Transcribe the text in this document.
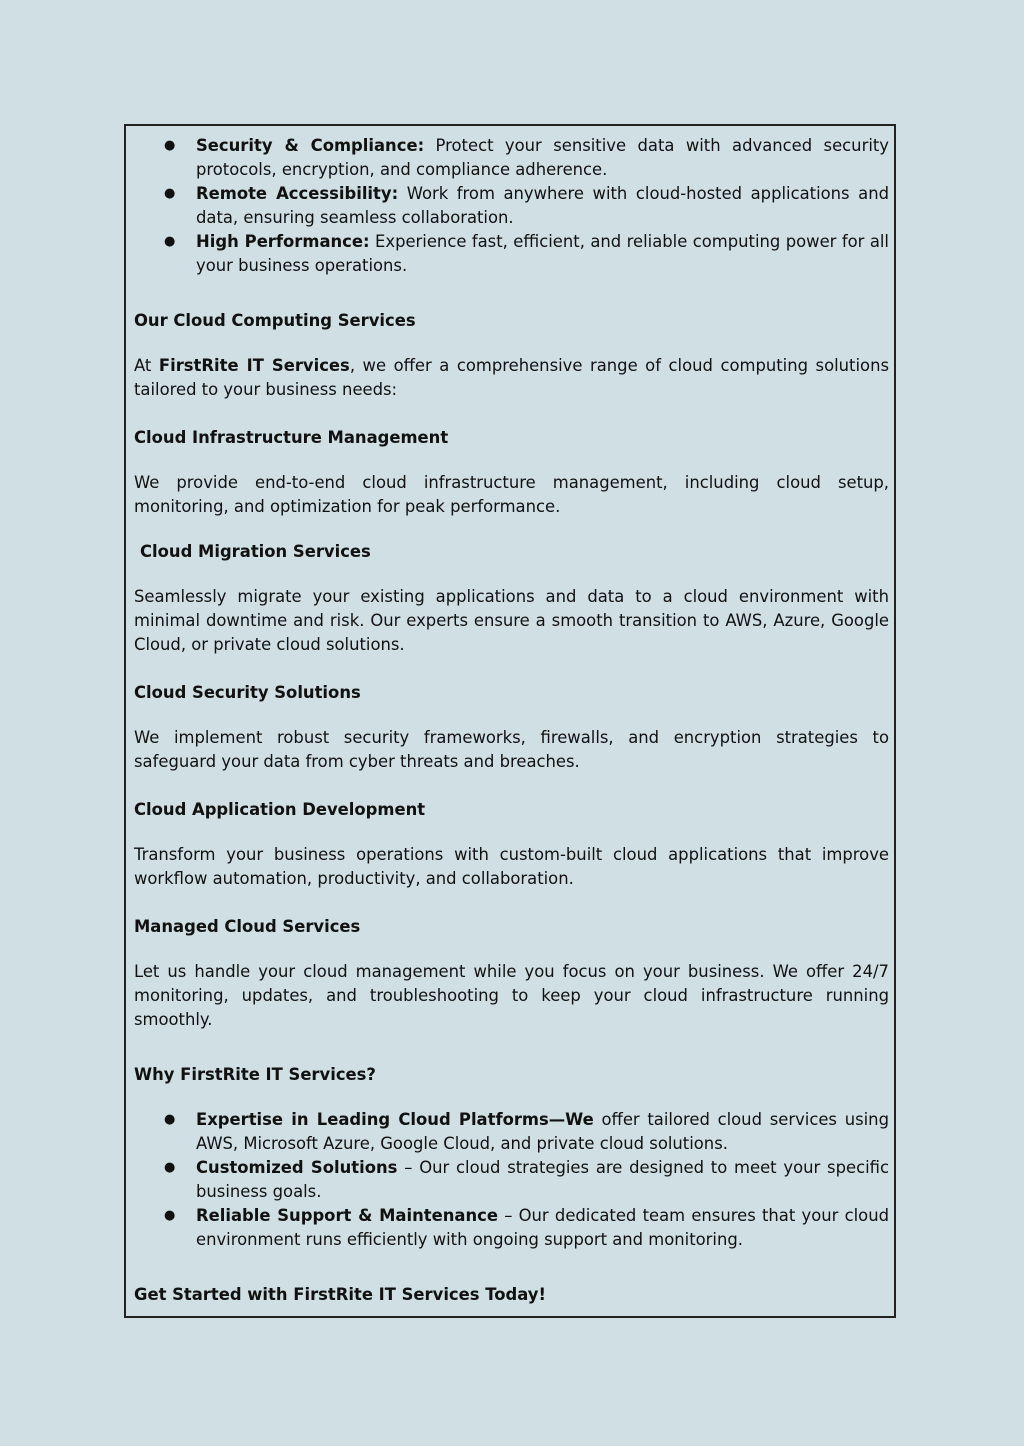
● Security & Compliance: Protect your sensitive data with advanced security protocols, encryption, and compliance adherence.
● Remote Accessibility: Work from anywhere with cloud-hosted applications and data, ensuring seamless collaboration.
● High Performance: Experience fast, efficient, and reliable computing power for all your business operations.

Our Cloud Computing Services

At FirstRite IT Services, we offer a comprehensive range of cloud computing solutions tailored to your business needs:

Cloud Infrastructure Management

We provide end-to-end cloud infrastructure management, including cloud setup, monitoring, and optimization for peak performance.

Cloud Migration Services

Seamlessly migrate your existing applications and data to a cloud environment with minimal downtime and risk. Our experts ensure a smooth transition to AWS, Azure, Google Cloud, or private cloud solutions.

Cloud Security Solutions

We implement robust security frameworks, firewalls, and encryption strategies to safeguard your data from cyber threats and breaches.

Cloud Application Development

Transform your business operations with custom-built cloud applications that improve workflow automation, productivity, and collaboration.

Managed Cloud Services

Let us handle your cloud management while you focus on your business. We offer 24/7 monitoring, updates, and troubleshooting to keep your cloud infrastructure running smoothly.

Why FirstRite IT Services?

● Expertise in Leading Cloud Platforms—We offer tailored cloud services using AWS, Microsoft Azure, Google Cloud, and private cloud solutions.
● Customized Solutions – Our cloud strategies are designed to meet your specific business goals.
● Reliable Support & Maintenance – Our dedicated team ensures that your cloud environment runs efficiently with ongoing support and monitoring.

Get Started with FirstRite IT Services Today!
